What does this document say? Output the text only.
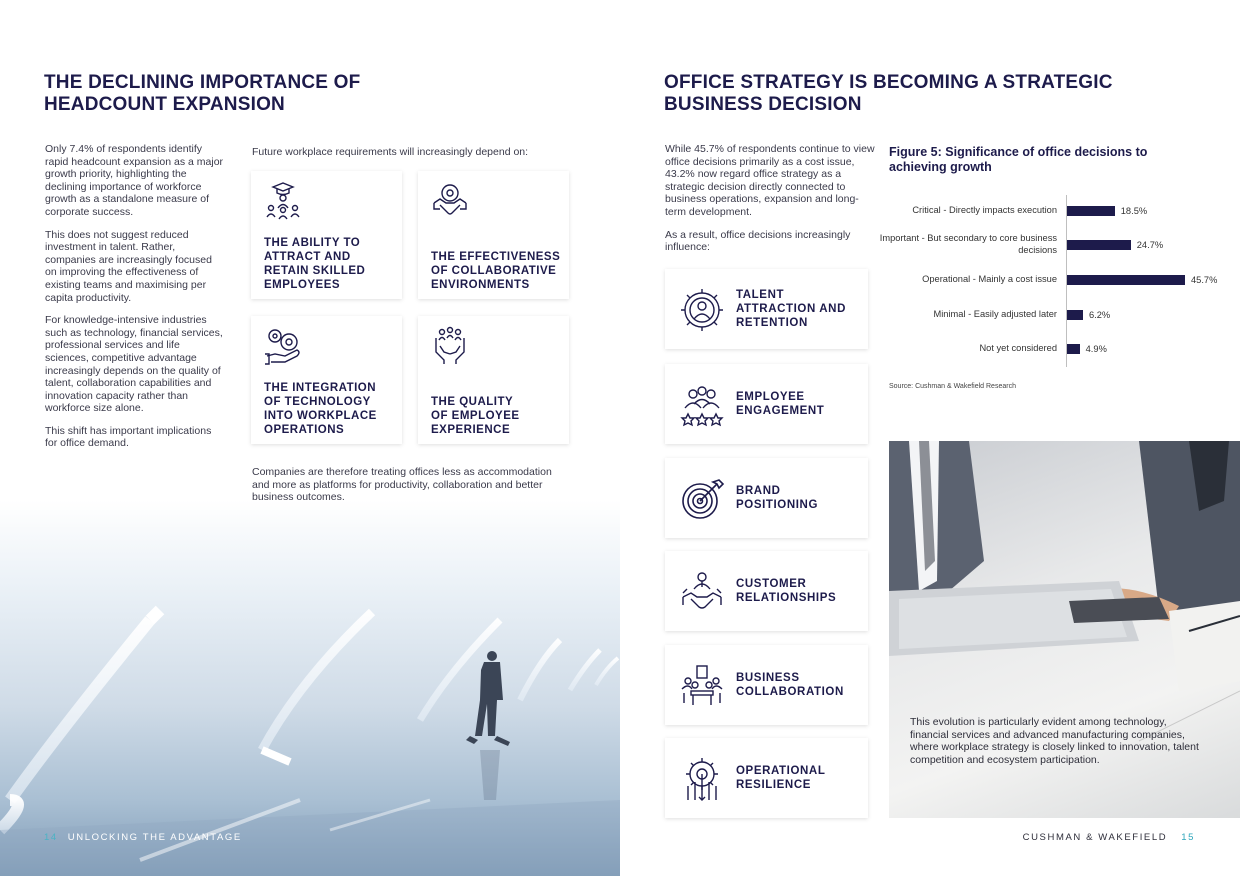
THE DECLINING IMPORTANCE OF
HEADCOUNT EXPANSION

Only 7.4% of respondents identify rapid headcount expansion as a major growth priority, highlighting the declining importance of workforce growth as a standalone measure of corporate success.

This does not suggest reduced investment in talent. Rather, companies are increasingly focused on improving the effectiveness of existing teams and maximising per capita productivity.

For knowledge-intensive industries such as technology, financial services, professional services and life sciences, competitive advantage increasingly depends on the quality of talent, collaboration capabilities and innovation capacity rather than workforce size alone.

This shift has important implications for office demand.

Future workplace requirements will increasingly depend on:
THE ABILITY TO
ATTRACT AND
RETAIN SKILLED
EMPLOYEES
THE EFFECTIVENESS
OF COLLABORATIVE
ENVIRONMENTS
THE INTEGRATION
OF TECHNOLOGY
INTO WORKPLACE
OPERATIONS
THE QUALITY
OF EMPLOYEE
EXPERIENCE
Companies are therefore treating offices less as accommodation and more as platforms for productivity, collaboration and better business outcomes.
14 UNLOCKING THE ADVANTAGE
OFFICE STRATEGY IS BECOMING A STRATEGIC
BUSINESS DECISION

While 45.7% of respondents continue to view office decisions primarily as a cost issue, 43.2% now regard office strategy as a strategic decision directly connected to business operations, expansion and long-term development.

As a result, office decisions increasingly influence:

TALENT
ATTRACTION AND
RETENTION
EMPLOYEE
ENGAGEMENT
BRAND
POSITIONING
CUSTOMER
RELATIONSHIPS
BUSINESS
COLLABORATION
OPERATIONAL
RESILIENCE
Figure 5: Significance of office decisions to achieving growth
Source: Cushman & Wakefield Research
This evolution is particularly evident among technology, financial services and advanced manufacturing companies, where workplace strategy is closely linked to innovation, talent competition and ecosystem participation.
CUSHMAN & WAKEFIELD 15
Critical - Directly impacts execution	18.5%
Important - But secondary to core business decisions	24.7%
Operational - Mainly a cost issue	45.7%
Minimal - Easily adjusted later	6.2%
Not yet considered	4.9%
